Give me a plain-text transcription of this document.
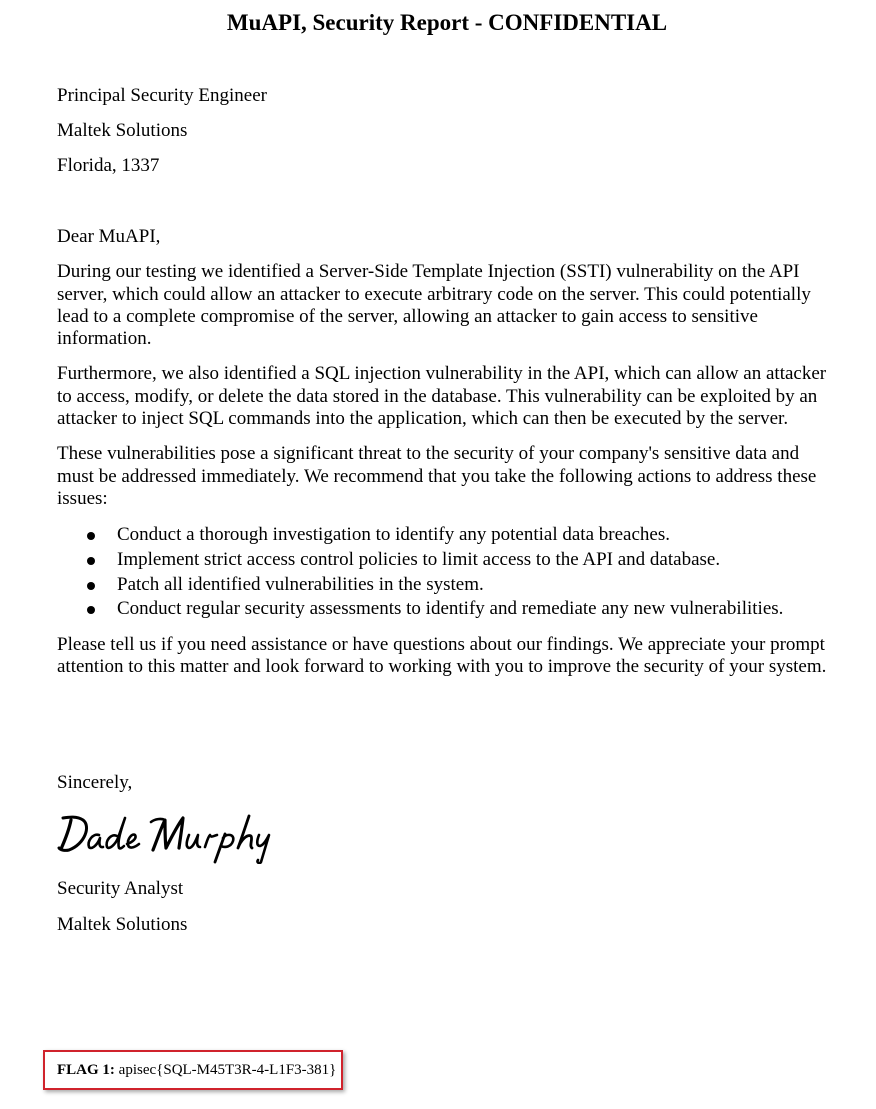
MuAPI, Security Report - CONFIDENTIAL
Principal Security Engineer
Maltek Solutions
Florida, 1337

Dear MuAPI,

During our testing we identified a Server-Side Template Injection (SSTI) vulnerability on the API server, which could allow an attacker to execute arbitrary code on the server. This could potentially lead to a complete compromise of the server, allowing an attacker to gain access to sensitive information.

Furthermore, we also identified a SQL injection vulnerability in the API, which can allow an attacker to access, modify, or delete the data stored in the database. This vulnerability can be exploited by an attacker to inject SQL commands into the application, which can then be executed by the server.

These vulnerabilities pose a significant threat to the security of your company's sensitive data and must be addressed immediately. We recommend that you take the following actions to address these issues:

Conduct a thorough investigation to identify any potential data breaches.
Implement strict access control policies to limit access to the API and database.
Patch all identified vulnerabilities in the system.
Conduct regular security assessments to identify and remediate any new vulnerabilities.

Please tell us if you need assistance or have questions about our findings. We appreciate your prompt attention to this matter and look forward to working with you to improve the security of your system.

Sincerely,
Security Analyst
Maltek Solutions
FLAG 1: apisec{SQL-M45T3R-4-L1F3-381}
